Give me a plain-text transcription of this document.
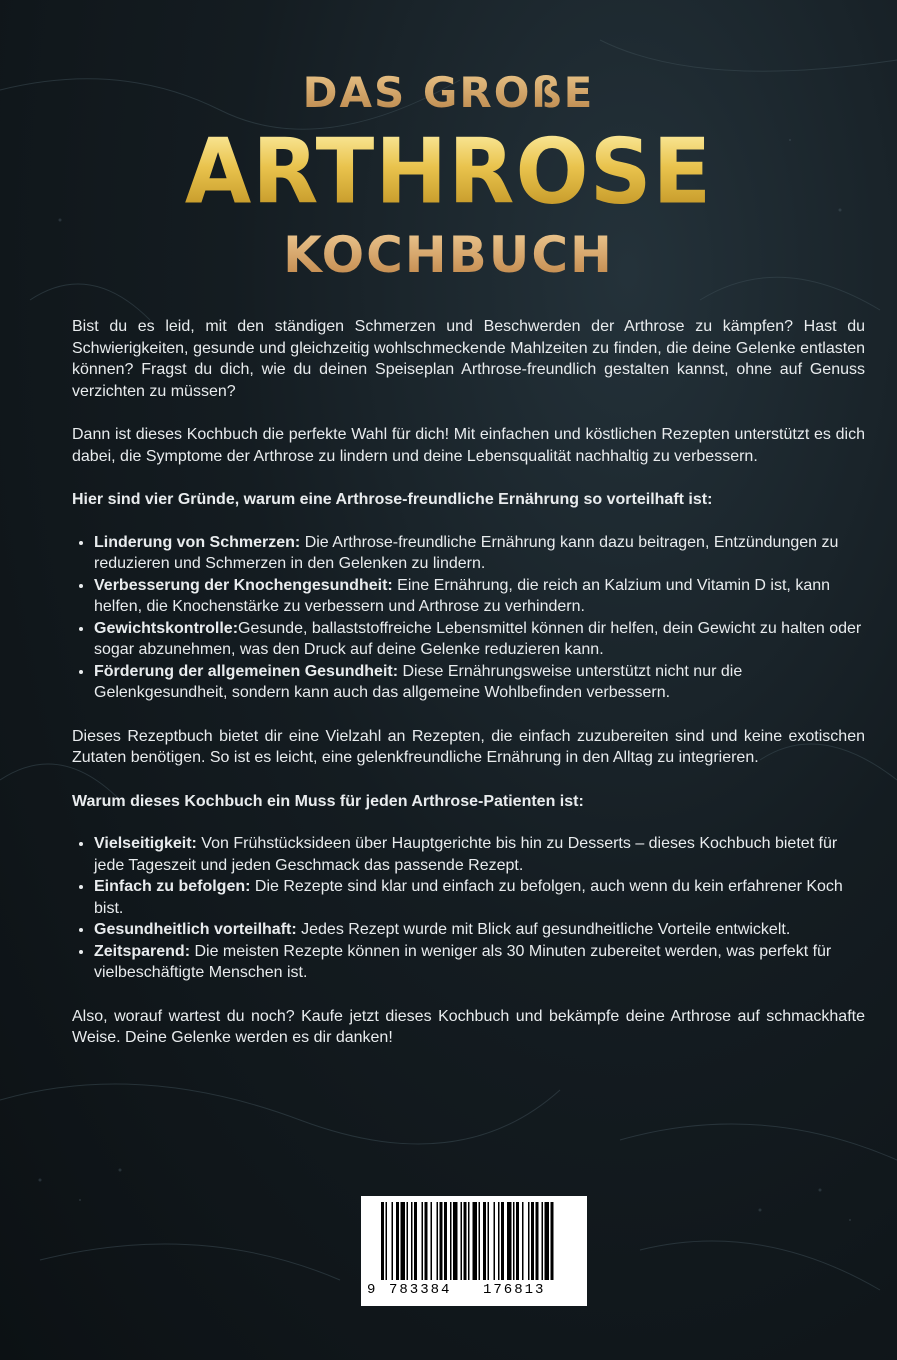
DAS GROßE
ARTHROSE
KOCHBUCH

Bist du es leid, mit den ständigen Schmerzen und Beschwerden der Arthrose zu kämpfen? Hast du Schwierigkeiten, gesunde und gleichzeitig wohlschmeckende Mahlzeiten zu finden, die deine Gelenke entlasten können? Fragst du dich, wie du deinen Speiseplan Arthrose-freundlich gestalten kannst, ohne auf Genuss verzichten zu müssen?

Dann ist dieses Kochbuch die perfekte Wahl für dich! Mit einfachen und köstlichen Rezepten unterstützt es dich dabei, die Symptome der Arthrose zu lindern und deine Lebensqualität nachhaltig zu verbessern.

Hier sind vier Gründe, warum eine Arthrose-freundliche Ernährung so vorteilhaft ist:
• Linderung von Schmerzen: Die Arthrose-freundliche Ernährung kann dazu beitragen, Entzündungen zu reduzieren und Schmerzen in den Gelenken zu lindern.
• Verbesserung der Knochengesundheit: Eine Ernährung, die reich an Kalzium und Vitamin D ist, kann helfen, die Knochenstärke zu verbessern und Arthrose zu verhindern.
• Gewichtskontrolle:Gesunde, ballaststoffreiche Lebensmittel können dir helfen, dein Gewicht zu halten oder sogar abzunehmen, was den Druck auf deine Gelenke reduzieren kann.
• Förderung der allgemeinen Gesundheit: Diese Ernährungsweise unterstützt nicht nur die Gelenkgesundheit, sondern kann auch das allgemeine Wohlbefinden verbessern.

Dieses Rezeptbuch bietet dir eine Vielzahl an Rezepten, die einfach zuzubereiten sind und keine exotischen Zutaten benötigen. So ist es leicht, eine gelenkfreundliche Ernährung in den Alltag zu integrieren.

Warum dieses Kochbuch ein Muss für jeden Arthrose-Patienten ist:
• Vielseitigkeit: Von Frühstücksideen über Hauptgerichte bis hin zu Desserts – dieses Kochbuch bietet für jede Tageszeit und jeden Geschmack das passende Rezept.
• Einfach zu befolgen: Die Rezepte sind klar und einfach zu befolgen, auch wenn du kein erfahrener Koch bist.
• Gesundheitlich vorteilhaft: Jedes Rezept wurde mit Blick auf gesundheitliche Vorteile entwickelt.
• Zeitsparend: Die meisten Rezepte können in weniger als 30 Minuten zubereitet werden, was perfekt für vielbeschäftigte Menschen ist.

Also, worauf wartest du noch? Kaufe jetzt dieses Kochbuch und bekämpfe deine Arthrose auf schmackhafte Weise. Deine Gelenke werden es dir danken!

9 783384 176813
